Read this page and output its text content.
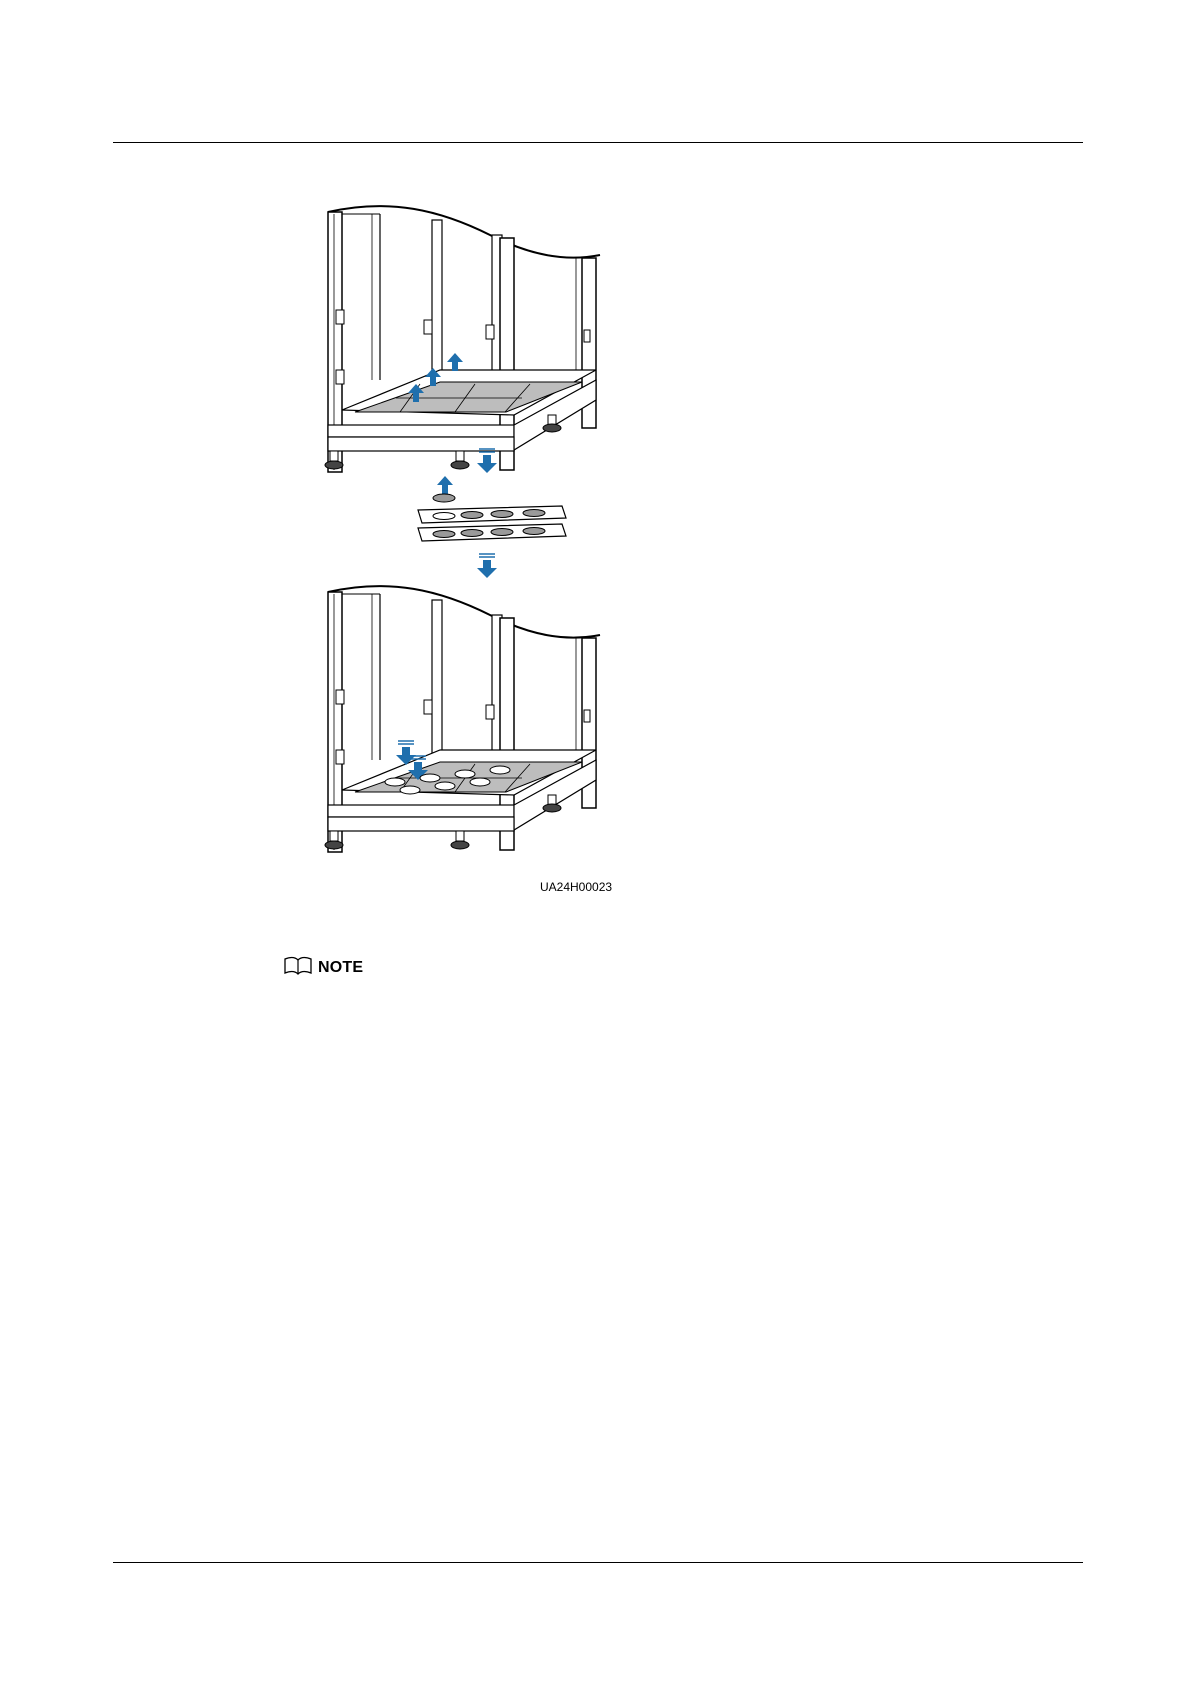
UA24H00023
NOTE
